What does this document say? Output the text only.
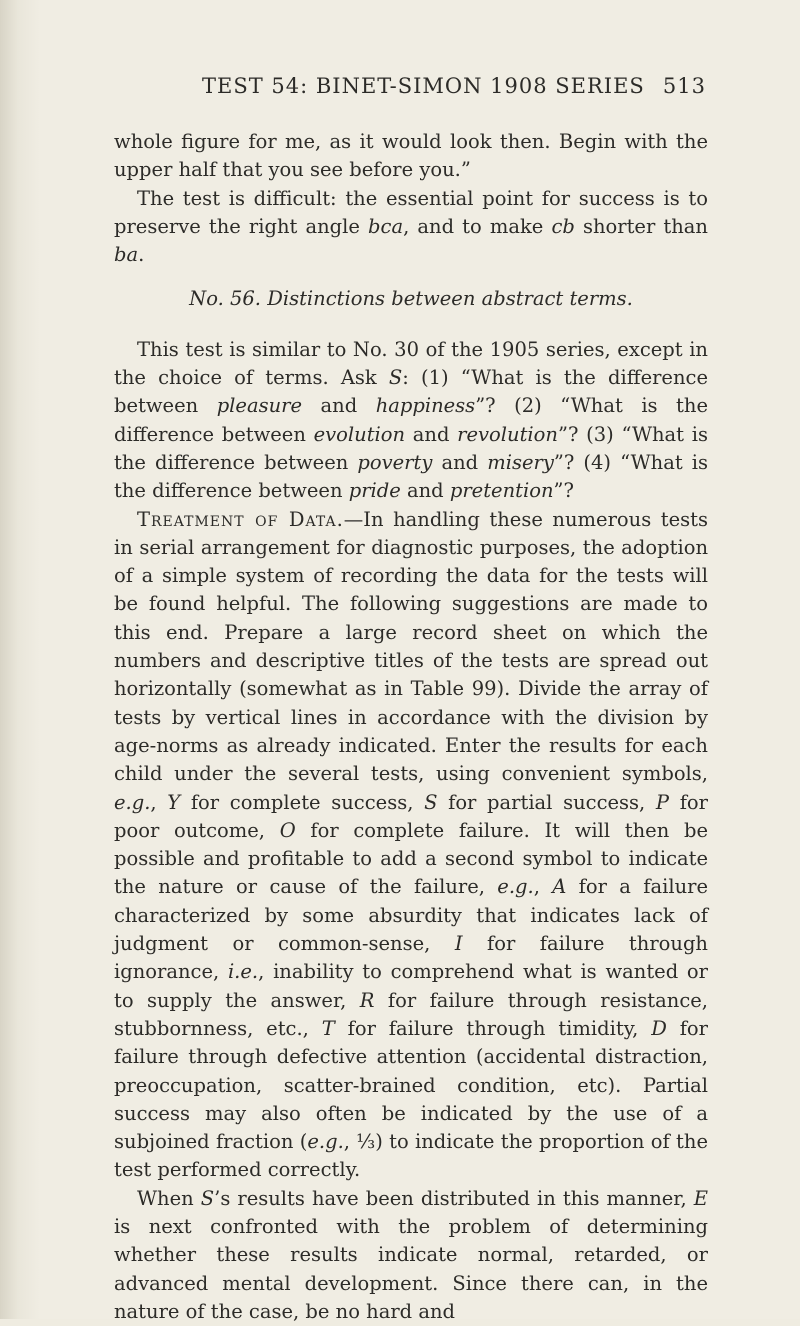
TEST 54: BINET-SIMON 1908 SERIES 513

whole figure for me, as it would look then. Begin with the upper half that you see before you.”

The test is difficult: the essential point for success is to preserve the right angle bca, and to make cb shorter than ba.

No. 56. Distinctions between abstract terms.

This test is similar to No. 30 of the 1905 series, except in the choice of terms. Ask S: (1) “What is the difference between pleasure and happiness”? (2) “What is the difference between evolution and revolution”? (3) “What is the difference between poverty and misery”? (4) “What is the difference between pride and pretention”?

Treatment of Data.—In handling these numerous tests in serial arrangement for diagnostic purposes, the adoption of a simple system of recording the data for the tests will be found helpful. The following suggestions are made to this end. Prepare a large record sheet on which the numbers and descriptive titles of the tests are spread out horizontally (somewhat as in Table 99). Divide the array of tests by vertical lines in accordance with the division by age-norms as already indicated. Enter the results for each child under the several tests, using convenient symbols, e.g., Y for complete success, S for partial success, P for poor outcome, O for complete failure. It will then be possible and profitable to add a second symbol to indicate the nature or cause of the failure, e.g., A for a failure characterized by some absurdity that indicates lack of judgment or common-sense, I for failure through ignorance, i.e., inability to comprehend what is wanted or to supply the answer, R for failure through resistance, stubbornness, etc., T for failure through timidity, D for failure through defective attention (accidental distraction, preoccupation, scatter-brained condition, etc). Partial success may also often be indicated by the use of a subjoined fraction (e.g., ⅓) to indicate the proportion of the test performed correctly.

When S’s results have been distributed in this manner, E is next confronted with the problem of determining whether these results indicate normal, retarded, or advanced mental development. Since there can, in the nature of the case, be no hard and
